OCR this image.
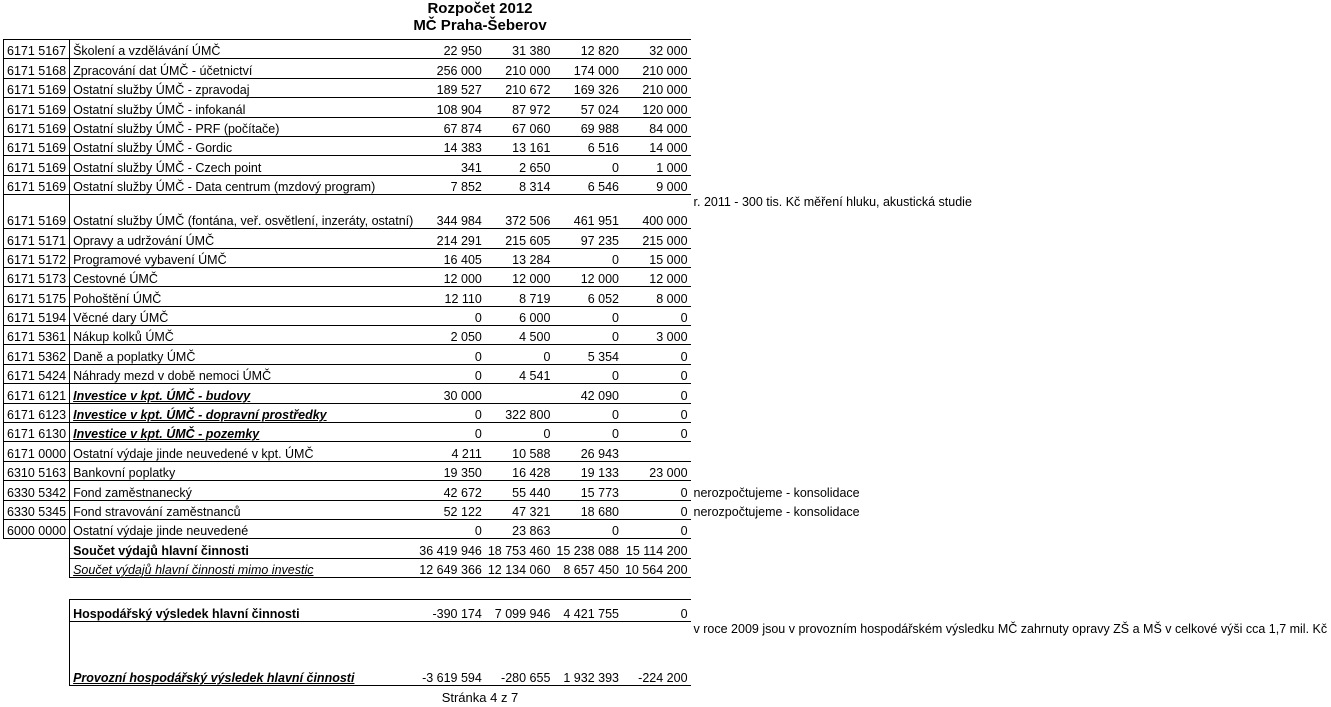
Rozpočet 2012
MČ Praha-Šeberov
6171 5167	Školení a vzdělávání ÚMČ	22 950	31 380	12 820	32 000	
6171 5168	Zpracování dat ÚMČ - účetnictví	256 000	210 000	174 000	210 000	
6171 5169	Ostatní služby ÚMČ - zpravodaj	189 527	210 672	169 326	210 000	
6171 5169	Ostatní služby ÚMČ - infokanál	108 904	87 972	57 024	120 000	
6171 5169	Ostatní služby ÚMČ - PRF (počítače)	67 874	67 060	69 988	84 000	
6171 5169	Ostatní služby ÚMČ - Gordic	14 383	13 161	6 516	14 000	
6171 5169	Ostatní služby ÚMČ - Czech point	341	2 650	0	1 000	
6171 5169	Ostatní služby ÚMČ - Data centrum (mzdový program)	7 852	8 314	6 546	9 000	
6171 5169	Ostatní služby ÚMČ (fontána, veř. osvětlení, inzeráty, ostatní)	344 984	372 506	461 951	400 000	r. 2011 - 300 tis. Kč měření hluku, akustická studie
6171 5171	Opravy a udržování ÚMČ	214 291	215 605	97 235	215 000	
6171 5172	Programové vybavení ÚMČ	16 405	13 284	0	15 000	
6171 5173	Cestovné ÚMČ	12 000	12 000	12 000	12 000	
6171 5175	Pohoštění ÚMČ	12 110	8 719	6 052	8 000	
6171 5194	Věcné dary ÚMČ	0	6 000	0	0	
6171 5361	Nákup kolků ÚMČ	2 050	4 500	0	3 000	
6171 5362	Daně a poplatky ÚMČ	0	0	5 354	0	
6171 5424	Náhrady mezd v době nemoci ÚMČ	0	4 541	0	0	
6171 6121	Investice v kpt. ÚMČ - budovy	30 000		42 090	0	
6171 6123	Investice v kpt. ÚMČ - dopravní prostředky	0	322 800	0	0	
6171 6130	Investice v kpt. ÚMČ - pozemky	0	0	0	0	
6171 0000	Ostatní výdaje jinde neuvedené v kpt. ÚMČ	4 211	10 588	26 943		
6310 5163	Bankovní poplatky	19 350	16 428	19 133	23 000	
6330 5342	Fond zaměstnanecký	42 672	55 440	15 773	0	nerozpočtujeme - konsolidace
6330 5345	Fond stravování zaměstnanců	52 122	47 321	18 680	0	nerozpočtujeme - konsolidace
6000 0000	Ostatní výdaje jinde neuvedené	0	23 863	0	0	
	Součet výdajů hlavní činnosti	36 419 946	18 753 460	15 238 088	15 114 200	
	Součet výdajů hlavní činnosti mimo investic	12 649 366	12 134 060	8 657 450	10 564 200	

	Hospodářský výsledek hlavní činnosti	-390 174	7 099 946	4 421 755	0	
	Provozní hospodářský výsledek hlavní činnosti	-3 619 594	-280 655	1 932 393	-224 200	v roce 2009 jsou v provozním hospodářském výsledku MČ zahrnuty opravy ZŠ a MŠ v celkové výši cca 1,7 mil. Kč
Stránka 4 z 7
